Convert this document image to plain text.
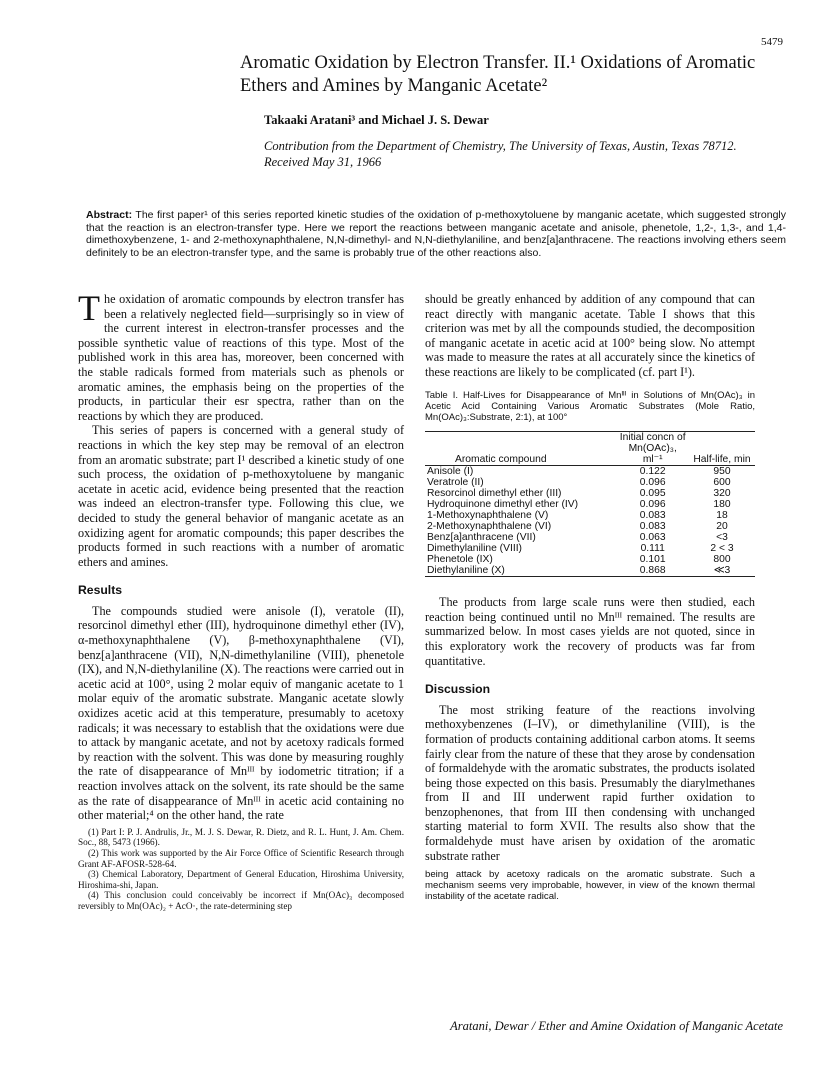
5479
Aromatic Oxidation by Electron Transfer. II.¹ Oxidations of Aromatic Ethers and Amines by Manganic Acetate²
Takaaki Aratani³ and Michael J. S. Dewar
Contribution from the Department of Chemistry, The University of Texas, Austin, Texas 78712. Received May 31, 1966
Abstract: The first paper¹ of this series reported kinetic studies of the oxidation of p-methoxytoluene by manganic acetate, which suggested strongly that the reaction is an electron-transfer type. Here we report the reactions between manganic acetate and anisole, phenetole, 1,2-, 1,3-, and 1,4-dimethoxybenzene, 1- and 2-methoxynaphthalene, N,N-dimethyl- and N,N-diethylaniline, and benz[a]anthracene. The reactions involving ethers seem definitely to be an electron-transfer type, and the same is probably true of the other reactions also.

The oxidation of aromatic compounds by electron transfer has been a relatively neglected field—surprisingly so in view of the current interest in electron-transfer processes and the possible synthetic value of reactions of this type. Most of the published work in this area has, moreover, been concerned with the stable radicals formed from materials such as phenols or aromatic amines, the emphasis being on the properties of the products, in particular their esr spectra, rather than on the reactions by which they are produced.

This series of papers is concerned with a general study of reactions in which the key step may be removal of an electron from an aromatic substrate; part I¹ described a kinetic study of one such process, the oxidation of p-methoxytoluene by manganic acetate in acetic acid, evidence being presented that the reaction was indeed an electron-transfer type. Following this clue, we decided to study the general behavior of manganic acetate as an oxidizing agent for aromatic compounds; this paper describes the products formed in such reactions with a number of aromatic ethers and amines.

Results

The compounds studied were anisole (I), veratole (II), resorcinol dimethyl ether (III), hydroquinone dimethyl ether (IV), α-methoxynaphthalene (V), β-methoxynaphthalene (VI), benz[a]anthracene (VII), N,N-dimethylaniline (VIII), phenetole (IX), and N,N-diethylaniline (X). The reactions were carried out in acetic acid at 100°, using 2 molar equiv of manganic acetate to 1 molar equiv of the aromatic substrate. Manganic acetate slowly oxidizes acetic acid at this temperature, presumably to acetoxy radicals; it was necessary to establish that the oxidations were due to attack by manganic acetate, and not by acetoxy radicals formed by reaction with the solvent. This was done by measuring roughly the rate of disappearance of Mnᴵᴵᴵ by iodometric titration; if a reaction involves attack on the solvent, its rate should be the same as the rate of disappearance of Mnᴵᴵᴵ in acetic acid containing no other material;⁴ on the other hand, the rate

(1) Part I: P. J. Andrulis, Jr., M. J. S. Dewar, R. Dietz, and R. L. Hunt, J. Am. Chem. Soc., 88, 5473 (1966).

(2) This work was supported by the Air Force Office of Scientific Research through Grant AF-AFOSR-528-64.

(3) Chemical Laboratory, Department of General Education, Hiroshima University, Hiroshima-shi, Japan.

(4) This conclusion could conceivably be incorrect if Mn(OAc)₃ decomposed reversibly to Mn(OAc)₂ + AcO·, the rate-determining step

should be greatly enhanced by addition of any compound that can react directly with manganic acetate. Table I shows that this criterion was met by all the compounds studied, the decomposition of manganic acetate in acetic acid at 100° being slow. No attempt was made to measure the rates at all accurately since the kinetics of these reactions are likely to be complicated (cf. part I¹).

Table I. Half-Lives for Disappearance of Mnᴵᴵᴵ in Solutions of Mn(OAc)₃ in Acetic Acid Containing Various Aromatic Substrates (Mole Ratio, Mn(OAc)₃:Substrate, 2:1), at 100°
Aromatic compound	Initial concn of Mn(OAc)₃, ml⁻¹	Half-life, min
Anisole (I)	0.122	950
Veratrole (II)	0.096	600
Resorcinol dimethyl ether (III)	0.095	320
Hydroquinone dimethyl ether (IV)	0.096	180
1-Methoxynaphthalene (V)	0.083	18
2-Methoxynaphthalene (VI)	0.083	20
Benz[a]anthracene (VII)	0.063	<3
Dimethylaniline (VIII)	0.111	2 < 3
Phenetole (IX)	0.101	800
Diethylaniline (X)	0.868	≪3

The products from large scale runs were then studied, each reaction being continued until no Mnᴵᴵᴵ remained. The results are summarized below. In most cases yields are not quoted, since in this exploratory work the recovery of products was far from quantitative.

Discussion

The most striking feature of the reactions involving methoxybenzenes (I–IV), or dimethylaniline (VIII), is the formation of products containing additional carbon atoms. It seems fairly clear from the nature of these that they arose by condensation of formaldehyde with the aromatic substrates, the products isolated being those expected on this basis. Presumably the diarylmethanes from II and III underwent rapid further oxidation to benzophenones, that from III then condensing with unchanged starting material to form XVII. The results also show that the formaldehyde must have arisen by oxidation of the aromatic substrate rather

being attack by acetoxy radicals on the aromatic substrate. Such a mechanism seems very improbable, however, in view of the known thermal instability of the acetate radical.

Aratani, Dewar / Ether and Amine Oxidation of Manganic Acetate
